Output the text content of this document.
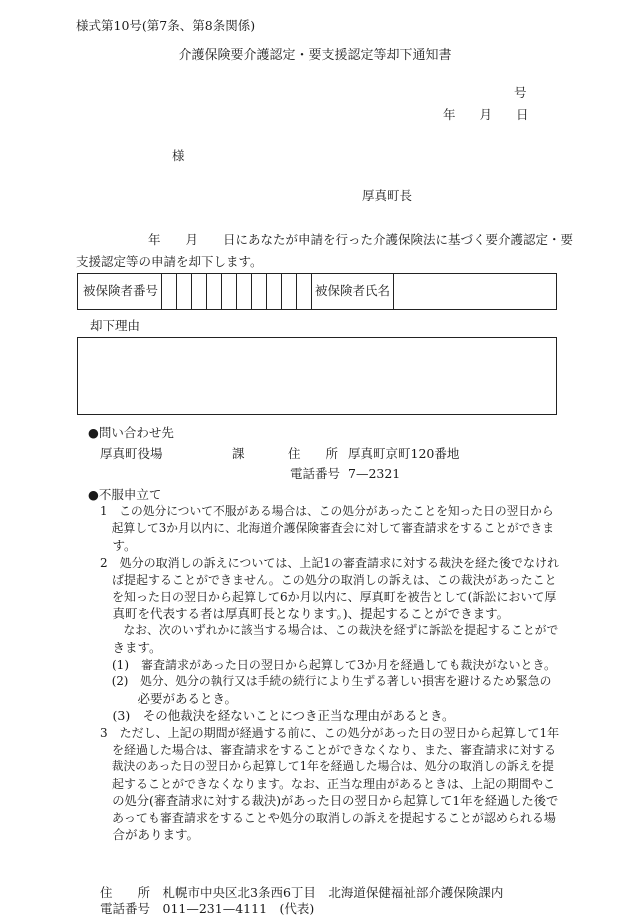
様式第10号(第7条、第8条関係)
介護保険要介護認定・要支援認定等却下通知書
号
年 月 日
様
厚真町長
年　　月　　日にあなたが申請を行った介護保険法に基づく要介護認定・要
支援認定等の申請を却下します。
被保険者番号											被保険者氏名	
却下理由
●問い合わせ先
厚真町役場	課	住　　所 厚真町京町120番地
電話番号 7—2321
●不服申立て
1　この処分について不服がある場合は、この処分があったことを知った日の翌日から
　起算して3か月以内に、北海道介護保険審査会に対して審査請求をすることができま
　す。
2　処分の取消しの訴えについては、上記1の審査請求に対する裁決を経た後でなけれ
　ば提起することができません。この処分の取消しの訴えは、この裁決があったこと
　を知った日の翌日から起算して6か月以内に、厚真町を被告として(訴訟において厚
　真町を代表する者は厚真町長となります。)、提起することができます。
　　なお、次のいずれかに該当する場合は、この裁決を経ずに訴訟を提起することがで
　きます。
　(1)　審査請求があった日の翌日から起算して3か月を経過しても裁決がないとき。
　(2)　処分、処分の執行又は手続の続行により生ずる著しい損害を避けるため緊急の
　　　必要があるとき。
　(3)　その他裁決を経ないことにつき正当な理由があるとき。
3　ただし、上記の期間が経過する前に、この処分があった日の翌日から起算して1年
　を経過した場合は、審査請求をすることができなくなり、また、審査請求に対する
　裁決のあった日の翌日から起算して1年を経過した場合は、処分の取消しの訴えを提
　起することができなくなります。なお、正当な理由があるときは、上記の期間やこ
　の処分(審査請求に対する裁決)があった日の翌日から起算して1年を経過した後で
　あっても審査請求をすることや処分の取消しの訴えを提起することが認められる場
　合があります。
住　　所　札幌市中央区北3条西6丁目　北海道保健福祉部介護保険課内
電話番号　011—231—4111　(代表)
